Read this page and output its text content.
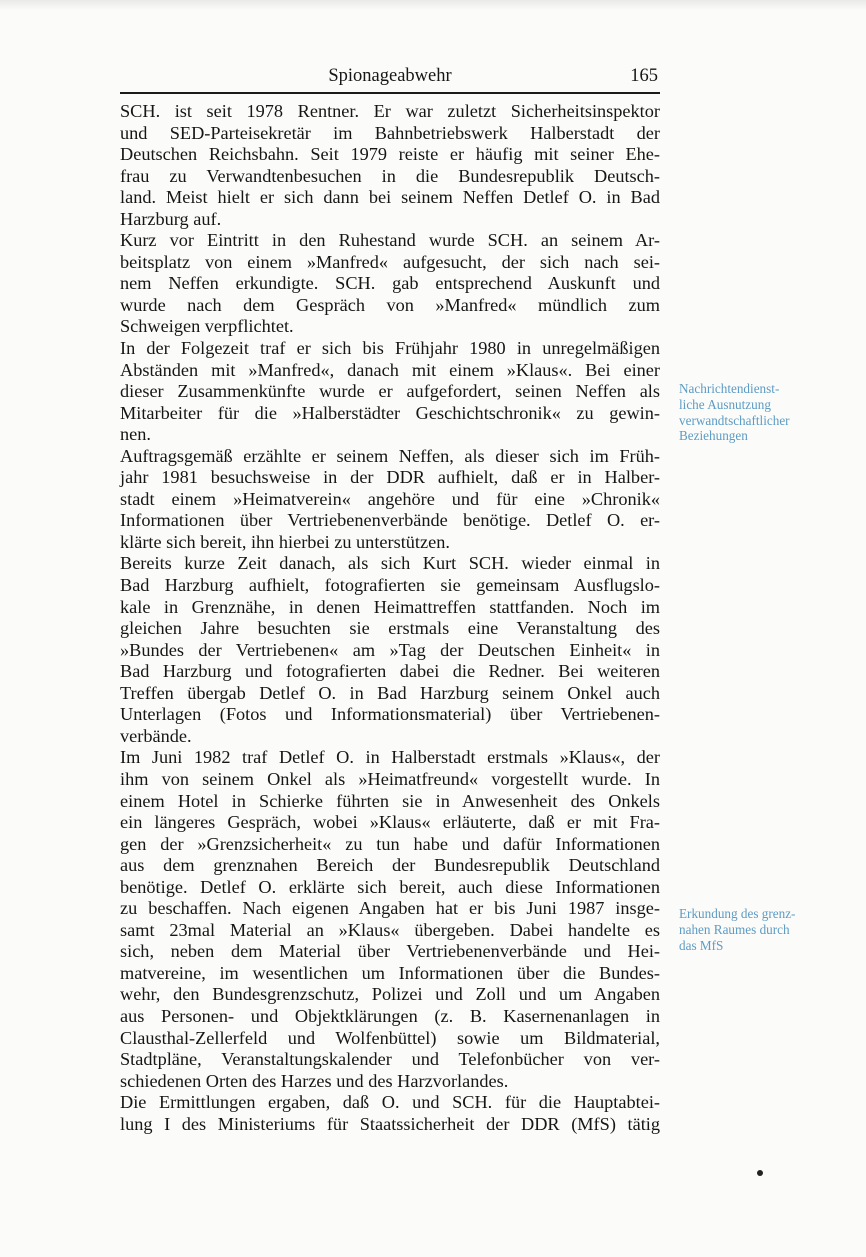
Spionageabwehr	165
SCH. ist seit 1978 Rentner. Er war zuletzt Sicherheitsinspektor
und SED-Parteisekretär im Bahnbetriebswerk Halberstadt der
Deutschen Reichsbahn. Seit 1979 reiste er häufig mit seiner Ehe-
frau zu Verwandtenbesuchen in die Bundesrepublik Deutsch-
land. Meist hielt er sich dann bei seinem Neffen Detlef O. in Bad
Harzburg auf.
Kurz vor Eintritt in den Ruhestand wurde SCH. an seinem Ar-
beitsplatz von einem »Manfred« aufgesucht, der sich nach sei-
nem Neffen erkundigte. SCH. gab entsprechend Auskunft und
wurde nach dem Gespräch von »Manfred« mündlich zum
Schweigen verpflichtet.
In der Folgezeit traf er sich bis Frühjahr 1980 in unregelmäßigen
Abständen mit »Manfred«, danach mit einem »Klaus«. Bei einer
dieser Zusammenkünfte wurde er aufgefordert, seinen Neffen als
Mitarbeiter für die »Halberstädter Geschichtschronik« zu gewin-
nen.
Auftragsgemäß erzählte er seinem Neffen, als dieser sich im Früh-
jahr 1981 besuchsweise in der DDR aufhielt, daß er in Halber-
stadt einem »Heimatverein« angehöre und für eine »Chronik«
Informationen über Vertriebenenverbände benötige. Detlef O. er-
klärte sich bereit, ihn hierbei zu unterstützen.
Bereits kurze Zeit danach, als sich Kurt SCH. wieder einmal in
Bad Harzburg aufhielt, fotografierten sie gemeinsam Ausflugslo-
kale in Grenznähe, in denen Heimattreffen stattfanden. Noch im
gleichen Jahre besuchten sie erstmals eine Veranstaltung des
»Bundes der Vertriebenen« am »Tag der Deutschen Einheit« in
Bad Harzburg und fotografierten dabei die Redner. Bei weiteren
Treffen übergab Detlef O. in Bad Harzburg seinem Onkel auch
Unterlagen (Fotos und Informationsmaterial) über Vertriebenen-
verbände.
Im Juni 1982 traf Detlef O. in Halberstadt erstmals »Klaus«, der
ihm von seinem Onkel als »Heimatfreund« vorgestellt wurde. In
einem Hotel in Schierke führten sie in Anwesenheit des Onkels
ein längeres Gespräch, wobei »Klaus« erläuterte, daß er mit Fra-
gen der »Grenzsicherheit« zu tun habe und dafür Informationen
aus dem grenznahen Bereich der Bundesrepublik Deutschland
benötige. Detlef O. erklärte sich bereit, auch diese Informationen
zu beschaffen. Nach eigenen Angaben hat er bis Juni 1987 insge-
samt 23mal Material an »Klaus« übergeben. Dabei handelte es
sich, neben dem Material über Vertriebenenverbände und Hei-
matvereine, im wesentlichen um Informationen über die Bundes-
wehr, den Bundesgrenzschutz, Polizei und Zoll und um Angaben
aus Personen- und Objektklärungen (z. B. Kasernenanlagen in
Clausthal-Zellerfeld und Wolfenbüttel) sowie um Bildmaterial,
Stadtpläne, Veranstaltungskalender und Telefonbücher von ver-
schiedenen Orten des Harzes und des Harzvorlandes.
Die Ermittlungen ergaben, daß O. und SCH. für die Hauptabtei-
lung I des Ministeriums für Staatssicherheit der DDR (MfS) tätig
Nachrichtendienst-
liche Ausnutzung
verwandtschaftlicher
Beziehungen
Erkundung des grenz-
nahen Raumes durch
das MfS
